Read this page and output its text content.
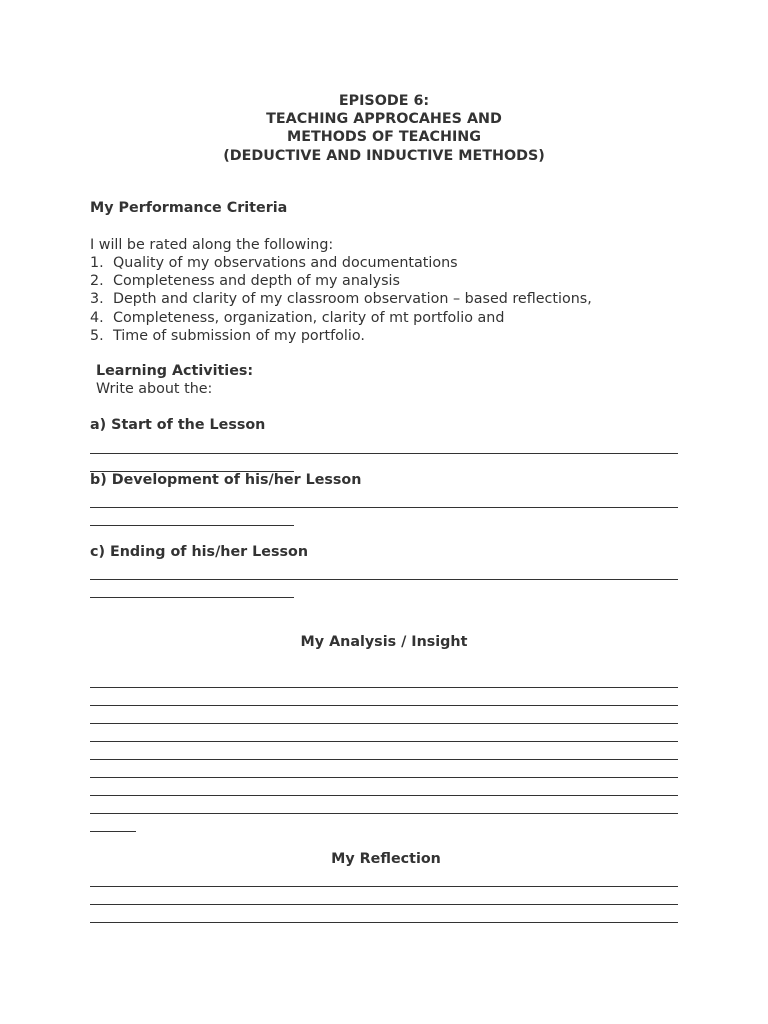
EPISODE 6:
TEACHING APPROCAHES AND
METHODS OF TEACHING
(DEDUCTIVE AND INDUCTIVE METHODS)
My Performance Criteria
I will be rated along the following:
1. Quality of my observations and documentations
2. Completeness and depth of my analysis
3. Depth and clarity of my classroom observation – based reflections,
4. Completeness, organization, clarity of mt portfolio and
5. Time of submission of my portfolio.
Learning Activities:
Write about the:
a) Start of the Lesson
b) Development of his/her Lesson
c) Ending of his/her Lesson
My Analysis / Insight
My Reflection
